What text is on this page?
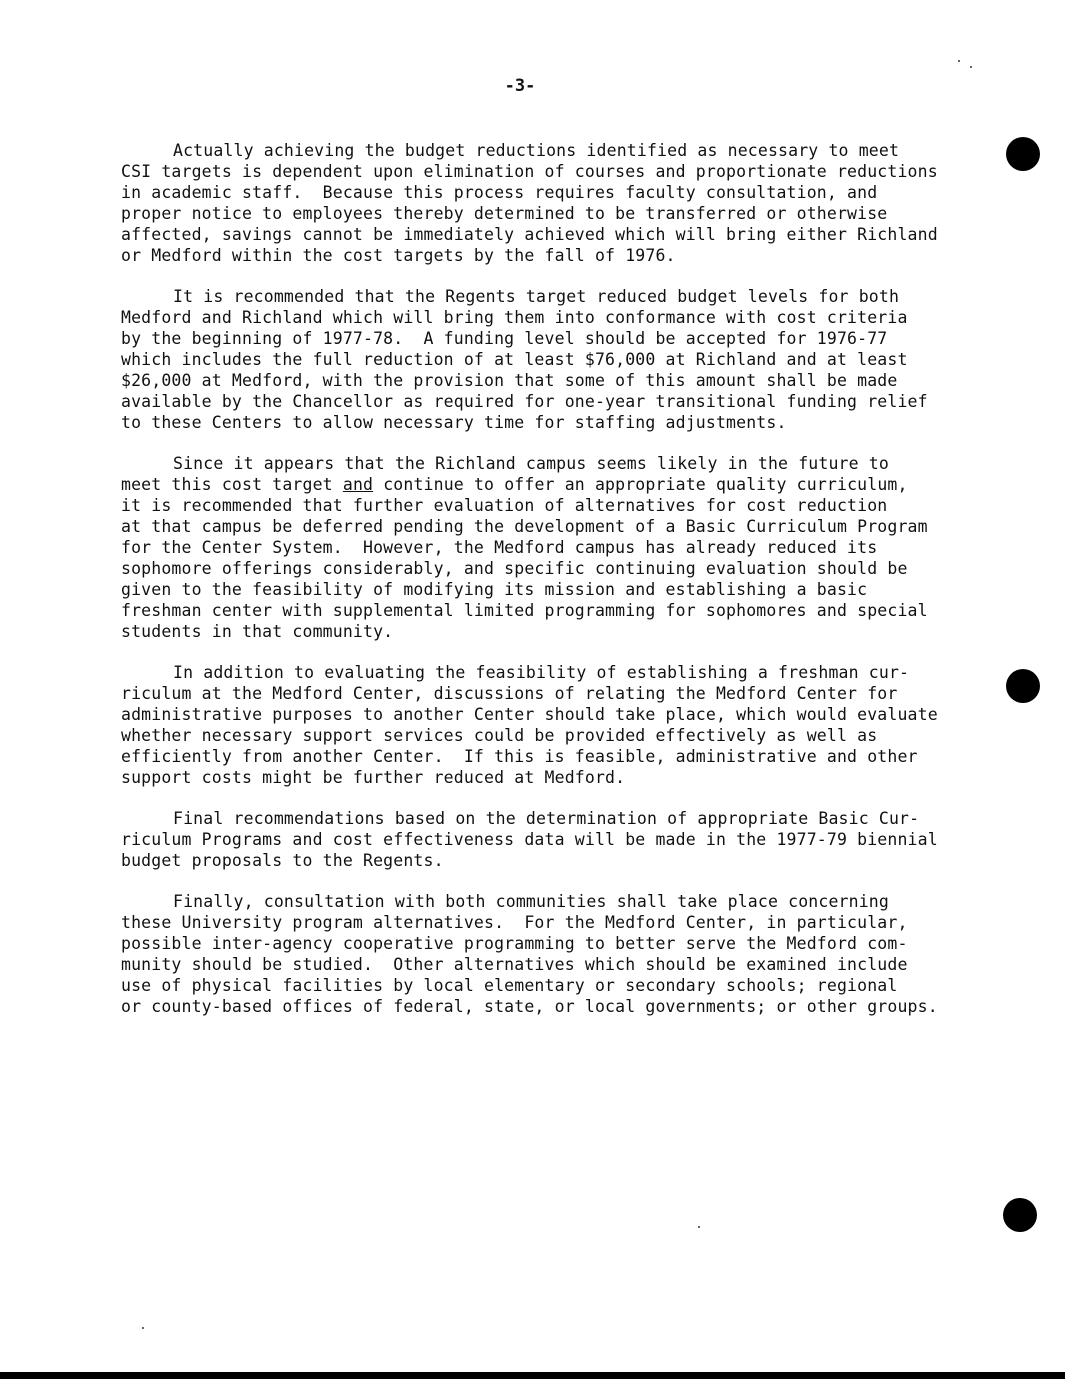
-3-
Actually achieving the budget reductions identified as necessary to meet
CSI targets is dependent upon elimination of courses and proportionate reductions
in academic staff.  Because this process requires faculty consultation, and
proper notice to employees thereby determined to be transferred or otherwise
affected, savings cannot be immediately achieved which will bring either Richland
or Medford within the cost targets by the fall of 1976.
It is recommended that the Regents target reduced budget levels for both
Medford and Richland which will bring them into conformance with cost criteria
by the beginning of 1977-78.  A funding level should be accepted for 1976-77
which includes the full reduction of at least $76,000 at Richland and at least
$26,000 at Medford, with the provision that some of this amount shall be made
available by the Chancellor as required for one-year transitional funding relief
to these Centers to allow necessary time for staffing adjustments.
Since it appears that the Richland campus seems likely in the future to
meet this cost target and continue to offer an appropriate quality curriculum,
it is recommended that further evaluation of alternatives for cost reduction
at that campus be deferred pending the development of a Basic Curriculum Program
for the Center System.  However, the Medford campus has already reduced its
sophomore offerings considerably, and specific continuing evaluation should be
given to the feasibility of modifying its mission and establishing a basic
freshman center with supplemental limited programming for sophomores and special
students in that community.
In addition to evaluating the feasibility of establishing a freshman cur-
riculum at the Medford Center, discussions of relating the Medford Center for
administrative purposes to another Center should take place, which would evaluate
whether necessary support services could be provided effectively as well as
efficiently from another Center.  If this is feasible, administrative and other
support costs might be further reduced at Medford.
Final recommendations based on the determination of appropriate Basic Cur-
riculum Programs and cost effectiveness data will be made in the 1977-79 biennial
budget proposals to the Regents.
Finally, consultation with both communities shall take place concerning
these University program alternatives.  For the Medford Center, in particular,
possible inter-agency cooperative programming to better serve the Medford com-
munity should be studied.  Other alternatives which should be examined include
use of physical facilities by local elementary or secondary schools; regional
or county-based offices of federal, state, or local governments; or other groups.
